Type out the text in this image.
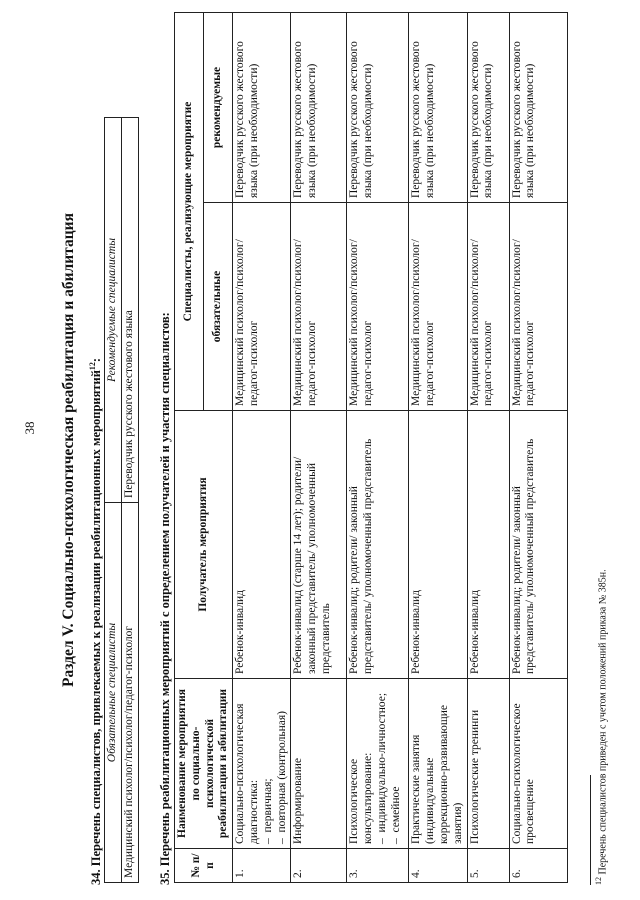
38 Раздел V. Социально-психологическая реабилитация и абилитация 34. Перечень специалистов, привлекаемых к реализации реабилитационных мероприятий$^{12}$:
Обязательные специалисты	Рекомендуемые специалисты
Медицинский психолог/психолог/педагог-психолог	Переводчик русского жестового языка 35. Перечень реабилитационных мероприятий с определением получателей и участия специалистов: № п/п	Наименование мероприятия по социально-психологической реабилитации и абилитации	Получатель мероприятия	Специалисты, реализующие мероприятие	
			обязательные	рекомендуемые
1.	Социально-психологическая диагностика: –  первичная;
–  повторная (контрольная)	Ребенок-инвалид	Медицинский психолог/психолог/педагог-психолог	Переводчик русского жестового языка (при необходимости)
2.	Информирование	Ребенок-инвалид (старше 14 лет); родители/ законный представитель/ уполномоченный представитель	Медицинский психолог/психолог/педагог-психолог	Переводчик русского жестового языка (при необходимости)
3.	Психологическое консультирование: –  индивидуально-личностное;
–  семейное	Ребенок-инвалид; родители/ законный представитель/ уполномоченный представитель	Медицинский психолог/психолог/педагог-психолог	Переводчик русского жестового языка (при необходимости)
4.	Практические занятия (индивидуальные коррекционно-развивающие занятия)	Ребенок-инвалид	Медицинский психолог/психолог/педагог-психолог	Переводчик русского жестового языка (при необходимости)
5.	Психологические тренинги	Ребенок-инвалид	Медицинский психолог/психолог/педагог-психолог	Переводчик русского жестового языка (при необходимости)
6.	Социально-психологическое просвещение	Ребенок-инвалид; родители/ законный представитель/ уполномоченный представитель	Медицинский психолог/психолог/педагог-психолог	Переводчик русского жестового языка (при необходимости)
$^{12}$ Перечень специалистов приведен с учетом положений приказа № 385н.
